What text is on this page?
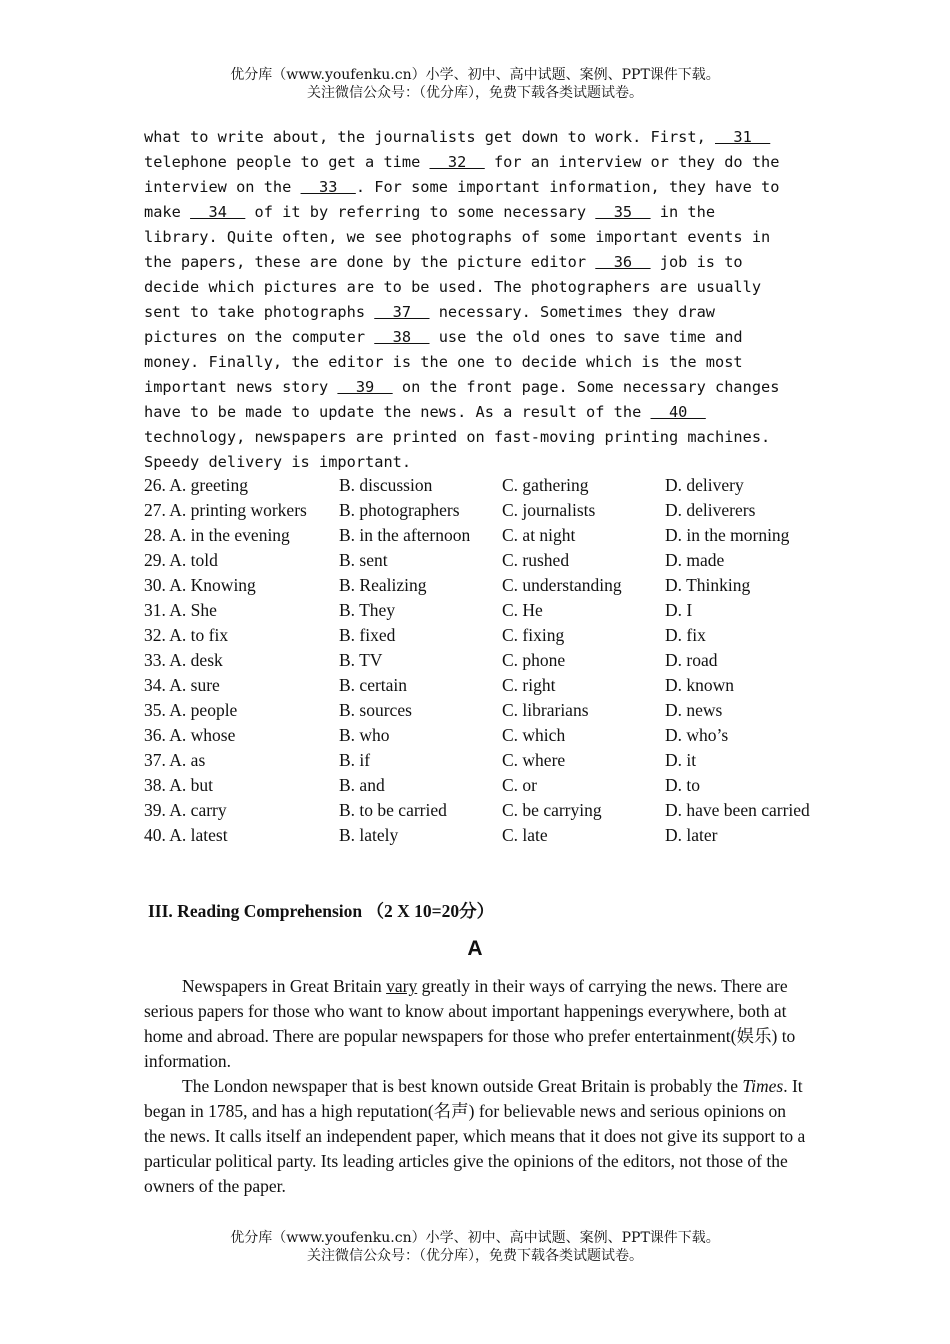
优分库（www.youfenku.cn）小学、初中、高中试题、案例、PPT课件下载。
关注微信公众号：（优分库），免费下载各类试题试卷。
what to write about, the journalists get down to work. First,   31
telephone people to get a time   32   for an interview or they do the
interview on the   33  . For some important information, they have to
make   34   of it by referring to some necessary   35   in the
library. Quite often, we see photographs of some important events in
the papers, these are done by the picture editor   36   job is to
decide which pictures are to be used. The photographers are usually
sent to take photographs   37   necessary. Sometimes they draw
pictures on the computer   38   use the old ones to save time and
money. Finally, the editor is the one to decide which is the most
important news story   39   on the front page. Some necessary changes
have to be made to update the news. As a result of the   40
technology, newspapers are printed on fast-moving printing machines.
Speedy delivery is important.
26. A. greeting	B. discussion	C. gathering	D. delivery
27. A. printing workers	B. photographers	C. journalists	D. deliverers
28. A. in the evening	B. in the afternoon	C. at night	D. in the morning
29. A. told	B. sent	C. rushed	D. made
30. A. Knowing	B. Realizing	C. understanding	D. Thinking
31. A. She	B. They	C. He	D. I
32. A. to fix	B. fixed	C. fixing	D. fix
33. A. desk	B. TV	C. phone	D. road
34. A. sure	B. certain	C. right	D. known
35. A. people	B. sources	C. librarians	D. news
36. A. whose	B. who	C. which	D. who’s
37. A. as	B. if	C. where	D. it
38. A. but	B. and	C. or	D. to
39. A. carry	B. to be carried	C. be carrying	D. have been carried
40. A. latest	B. lately	C. late	D. later
III. Reading Comprehension （2 X 10=20分）
A

Newspapers in Great Britain vary greatly in their ways of carrying the news. There are serious papers for those who want to know about important happenings everywhere, both at home and abroad. There are popular newspapers for those who prefer entertainment(娱乐) to information.

The London newspaper that is best known outside Great Britain is probably the Times. It began in 1785, and has a high reputation(名声) for believable news and serious opinions on the news. It calls itself an independent paper, which means that it does not give its support to a particular political party. Its leading articles give the opinions of the editors, not those of the owners of the paper.

优分库（www.youfenku.cn）小学、初中、高中试题、案例、PPT课件下载。
关注微信公众号：（优分库），免费下载各类试题试卷。
